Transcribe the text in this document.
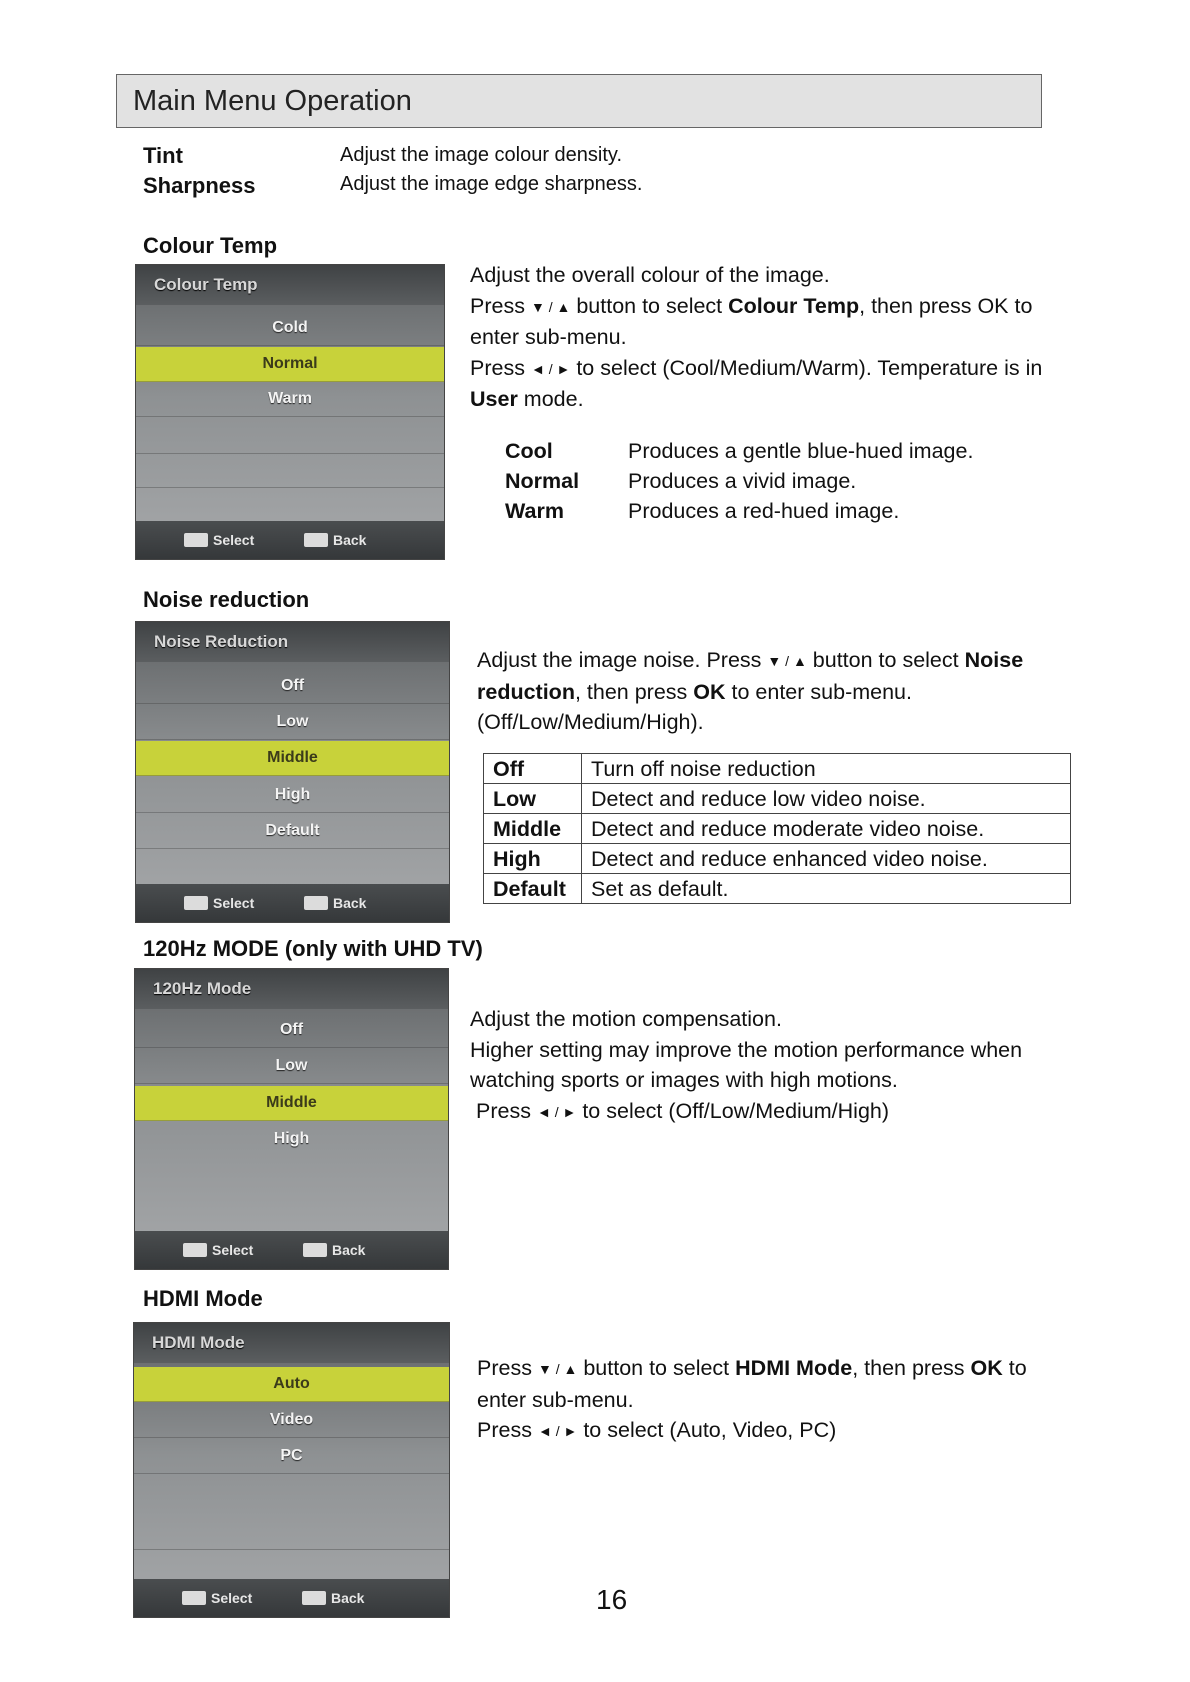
Main Menu Operation
Tint	Adjust the image colour density.
Sharpness	Adjust the image edge sharpness.
Colour Temp
Colour Temp
Cold
Normal
Warm
Select	Back

Adjust the overall colour of the image.

Press ▼ / ▲ button to select Colour Temp, then press OK to enter sub-menu.

Press ◄ / ► to select (Cool/Medium/Warm). Temperature is in User mode.

Cool	Produces a gentle blue-hued image.
Normal	Produces a vivid image.
Warm	Produces a red-hued image.
Noise reduction
Noise Reduction
Off
Low
Middle
High
Default
Select	Back

Adjust the image noise. Press ▼ / ▲ button to select Noise reduction, then press OK to enter sub-menu.

(Off/Low/Medium/High).

Off	Turn off noise reduction
Low	Detect and reduce low video noise.
Middle	Detect and reduce moderate video noise.
High	Detect and reduce enhanced video noise.
Default	Set as default.
120Hz MODE (only with UHD TV)
120Hz Mode
Off
Low
Middle
High
Select	Back

Adjust the motion compensation.

Higher setting may improve the motion performance when watching sports or images with high motions.

Press ◄ / ► to select (Off/Low/Medium/High)

HDMI Mode
HDMI Mode
Auto
Video
PC
Select	Back

Press ▼ / ▲ button to select HDMI Mode, then press OK to enter sub-menu.

Press ◄ / ► to select (Auto, Video, PC)

16
